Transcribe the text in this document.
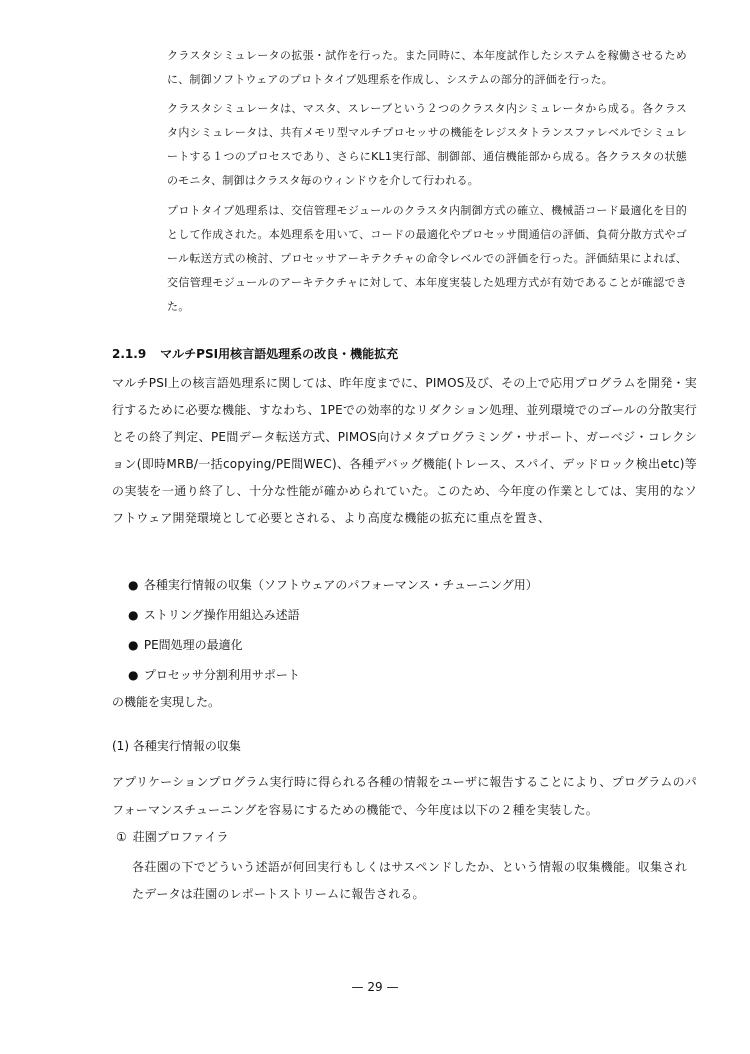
クラスタシミュレータの拡張・試作を行った。また同時に、本年度試作したシステムを稼働させるために、制御ソフトウェアのプロトタイプ処理系を作成し、システムの部分的評価を行った。
クラスタシミュレータは、マスタ、スレーブという２つのクラスタ内シミュレータから成る。各クラスタ内シミュレータは、共有メモリ型マルチプロセッサの機能をレジスタトランスファレベルでシミュレートする１つのプロセスであり、さらにKL1実行部、制御部、通信機能部から成る。各クラスタの状態のモニタ、制御はクラスタ毎のウィンドウを介して行われる。
プロトタイプ処理系は、交信管理モジュールのクラスタ内制御方式の確立、機械語コード最適化を目的として作成された。本処理系を用いて、コードの最適化やプロセッサ間通信の評価、負荷分散方式やゴール転送方式の検討、プロセッサアーキテクチャの命令レベルでの評価を行った。評価結果によれば、交信管理モジュールのアーキテクチャに対して、本年度実装した処理方式が有効であることが確認できた。
2.1.9 マルチPSI用核言語処理系の改良・機能拡充
マルチPSI上の核言語処理系に関しては、昨年度までに、PIMOS及び、その上で応用プログラムを開発・実行するために必要な機能、すなわち、1PEでの効率的なリダクション処理、並列環境でのゴールの分散実行とその終了判定、PE間データ転送方式、PIMOS向けメタプログラミング・サポート、ガーベジ・コレクション(即時MRB/一括copying/PE間WEC)、各種デバッグ機能(トレース、スパイ、デッドロック検出etc)等の実装を一通り終了し、十分な性能が確かめられていた。このため、今年度の作業としては、実用的なソフトウェア開発環境として必要とされる、より高度な機能の拡充に重点を置き、
● 各種実行情報の収集（ソフトウェアのパフォーマンス・チューニング用）
● ストリング操作用組込み述語
● PE間処理の最適化
● プロセッサ分割利用サポート
の機能を実現した。
(1) 各種実行情報の収集
アプリケーションプログラム実行時に得られる各種の情報をユーザに報告することにより、プログラムのパフォーマンスチューニングを容易にするための機能で、今年度は以下の２種を実装した。
① 荘園プロファイラ
各荘園の下でどういう述語が何回実行もしくはサスペンドしたか、という情報の収集機能。収集されたデータは荘園のレポートストリームに報告される。
— 29 —
